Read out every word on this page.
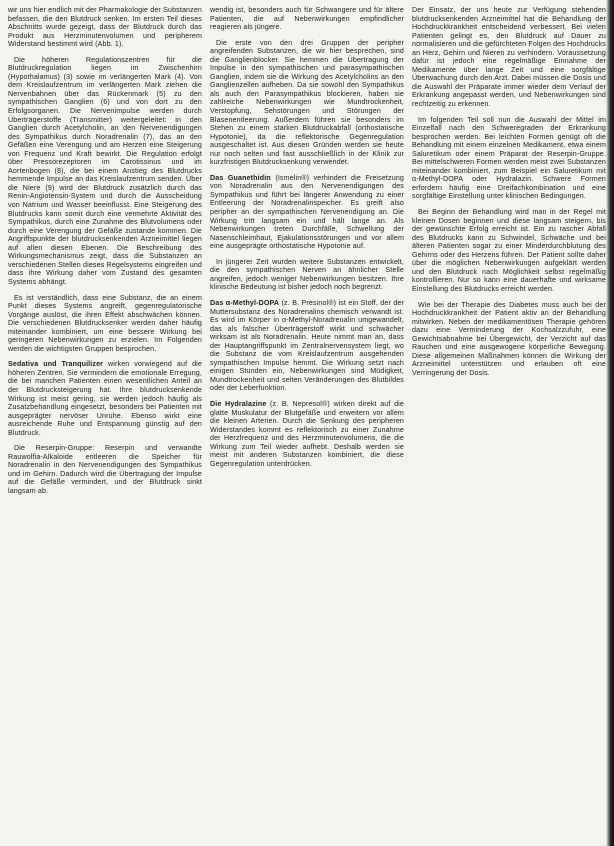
wir uns hier endlich mit der Pharmakologie der Substanzen befassen, die den Blutdruck senken. Im ersten Teil dieses Abschnitts wurde gezeigt, dass der Blutdruck durch das Produkt aus Herzminutenvolumen und peripherem Widerstand bestimmt wird (Abb. 1).

Die höheren Regulationszentren für die Blutdruckregulation liegen im Zwischenhirn (Hypothalamus) (3) sowie im verlängerten Mark (4). Von dem Kreislaufzentrum im verlängerten Mark ziehen die Nervenbahnen über das Rückenmark (5) zu den sympathischen Ganglien (6) und von dort zu den Erfolgsorganen. Die Nervenimpulse werden durch Überträgerstoffe (Transmitter) weitergeleitet: in den Ganglien durch Acetylcholin, an den Nervenendigungen des Sympathikus durch Noradrenalin (7), das an den Gefäßen eine Verengung und am Herzen eine Steigerung von Frequenz und Kraft bewirkt. Die Regulation erfolgt über Pressorezeptoren im Carotissinus und im Aortenbogen (8), die bei einem Anstieg des Blutdrucks hemmende Impulse an das Kreislaufzentrum senden. Über die Niere (9) wird der Blutdruck zusätzlich durch das Renin-Angiotensin-System und durch die Ausscheidung von Natrium und Wasser beeinflusst. Eine Steigerung des Blutdrucks kann somit durch eine vermehrte Aktivität des Sympathikus, durch eine Zunahme des Blutvolumens oder durch eine Verengung der Gefäße zustande kommen. Die Angriffspunkte der blutdrucksenkenden Arzneimittel liegen auf allen diesen Ebenen. Die Beschreibung des Wirkungsmechanismus zeigt, dass die Substanzen an verschiedenen Stellen dieses Regelsystems eingreifen und dass ihre Wirkung daher vom Zustand des gesamten Systems abhängt.

Es ist verständlich, dass eine Substanz, die an einem Punkt dieses Systems angreift, gegenregulatorische Vorgänge auslöst, die ihren Effekt abschwächen können. Die verschiedenen Blutdrucksenker werden daher häufig miteinander kombiniert, um eine bessere Wirkung bei geringeren Nebenwirkungen zu erzielen. Im Folgenden werden die wichtigsten Gruppen besprochen.

Sedativa und Tranquilizer wirken vorwiegend auf die höheren Zentren. Sie vermindern die emotionale Erregung, die bei manchen Patienten einen wesentlichen Anteil an der Blutdrucksteigerung hat. Ihre blutdrucksenkende Wirkung ist meist gering, sie werden jedoch häufig als Zusatzbehandlung eingesetzt, besonders bei Patienten mit ausgeprägter nervöser Unruhe. Ebenso wirkt eine ausreichende Ruhe und Entspannung günstig auf den Blutdruck.

Die Reserpin-Gruppe: Reserpin und verwandte Rauwolfia-Alkaloide entleeren die Speicher für Noradrenalin in den Nervenendigungen des Sympathikus und im Gehirn. Dadurch wird die Übertragung der Impulse auf die Gefäße vermindert, und der Blutdruck sinkt langsam ab.

wendig ist, besonders auch für Schwangere und für ältere Patienten, die auf Nebenwirkungen empfindlicher reagieren als jüngere.

Die erste von den drei Gruppen der peripher angreifenden Substanzen, die wir hier besprechen, sind die Ganglienblocker. Sie hemmen die Übertragung der Impulse in den sympathischen und parasympathischen Ganglien, indem sie die Wirkung des Acetylcholins an den Ganglienzellen aufheben. Da sie sowohl den Sympathikus als auch den Parasympathikus blockieren, haben sie zahlreiche Nebenwirkungen wie Mundtrockenheit, Verstopfung, Sehstörungen und Störungen der Blasenentleerung. Außerdem führen sie besonders im Stehen zu einem starken Blutdruckabfall (orthostatische Hypotonie), da die reflektorische Gegenregulation ausgeschaltet ist. Aus diesen Gründen werden sie heute nur noch selten und fast ausschließlich in der Klinik zur kurzfristigen Blutdrucksenkung verwendet.

Das Guanethidin (Ismelin®) verhindert die Freisetzung von Noradrenalin aus den Nervenendigungen des Sympathikus und führt bei längerer Anwendung zu einer Entleerung der Noradrenalinspeicher. Es greift also peripher an der sympathischen Nervenendigung an. Die Wirkung tritt langsam ein und hält lange an. Als Nebenwirkungen treten Durchfälle, Schwellung der Nasenschleimhaut, Ejakulationsstörungen und vor allem eine ausgeprägte orthostatische Hypotonie auf.

In jüngerer Zeit wurden weitere Substanzen entwickelt, die den sympathischen Nerven an ähnlicher Stelle angreifen, jedoch weniger Nebenwirkungen besitzen. Ihre klinische Bedeutung ist bisher jedoch noch begrenzt.

Das α-Methyl-DOPA (z. B. Presinol®) ist ein Stoff, der der Muttersubstanz des Noradrenalins chemisch verwandt ist. Es wird im Körper in α-Methyl-Noradrenalin umgewandelt, das als falscher Überträgerstoff wirkt und schwächer wirksam ist als Noradrenalin. Heute nimmt man an, dass der Hauptangriffspunkt im Zentralnervensystem liegt, wo die Substanz die vom Kreislaufzentrum ausgehenden sympathischen Impulse hemmt. Die Wirkung setzt nach einigen Stunden ein, Nebenwirkungen sind Müdigkeit, Mundtrockenheit und selten Veränderungen des Blutbildes oder der Leberfunktion.

Die Hydralazine (z. B. Nepresol®) wirken direkt auf die glatte Muskulatur der Blutgefäße und erweitern vor allem die kleinen Arterien. Durch die Senkung des peripheren Widerstandes kommt es reflektorisch zu einer Zunahme der Herzfrequenz und des Herzminutenvolumens, die die Wirkung zum Teil wieder aufhebt. Deshalb werden sie meist mit anderen Substanzen kombiniert, die diese Gegenregulation unterdrücken.

Der Einsatz, der uns heute zur Verfügung stehenden blutdrucksenkenden Arzneimittel hat die Behandlung der Hochdruckkrankheit entscheidend verbessert. Bei vielen Patienten gelingt es, den Blutdruck auf Dauer zu normalisieren und die gefürchteten Folgen des Hochdrucks an Herz, Gehirn und Nieren zu verhindern. Voraussetzung dafür ist jedoch eine regelmäßige Einnahme der Medikamente über lange Zeit und eine sorgfältige Überwachung durch den Arzt. Dabei müssen die Dosis und die Auswahl der Präparate immer wieder dem Verlauf der Erkrankung angepasst werden, und Nebenwirkungen sind rechtzeitig zu erkennen.

Im folgenden Teil soll nun die Auswahl der Mittel im Einzelfall nach den Schweregraden der Erkrankung besprochen werden. Bei leichten Formen genügt oft die Behandlung mit einem einzelnen Medikament, etwa einem Saluretikum oder einem Präparat der Reserpin-Gruppe. Bei mittelschweren Formen werden meist zwei Substanzen miteinander kombiniert, zum Beispiel ein Saluretikum mit α-Methyl-DOPA oder Hydralazin. Schwere Formen erfordern häufig eine Dreifachkombination und eine sorgfältige Einstellung unter klinischen Bedingungen.

Bei Beginn der Behandlung wird man in der Regel mit kleinen Dosen beginnen und diese langsam steigern, bis der gewünschte Erfolg erreicht ist. Ein zu rascher Abfall des Blutdrucks kann zu Schwindel, Schwäche und bei älteren Patienten sogar zu einer Minderdurchblutung des Gehirns oder des Herzens führen. Der Patient sollte daher über die möglichen Nebenwirkungen aufgeklärt werden und den Blutdruck nach Möglichkeit selbst regelmäßig kontrollieren. Nur so kann eine dauerhafte und wirksame Einstellung des Blutdrucks erreicht werden.

Wie bei der Therapie des Diabetes muss auch bei der Hochdruckkrankheit der Patient aktiv an der Behandlung mitwirken. Neben der medikamentösen Therapie gehören dazu eine Verminderung der Kochsalzzufuhr, eine Gewichtsabnahme bei Übergewicht, der Verzicht auf das Rauchen und eine ausgewogene körperliche Bewegung. Diese allgemeinen Maßnahmen können die Wirkung der Arzneimittel unterstützen und erlauben oft eine Verringerung der Dosis.
